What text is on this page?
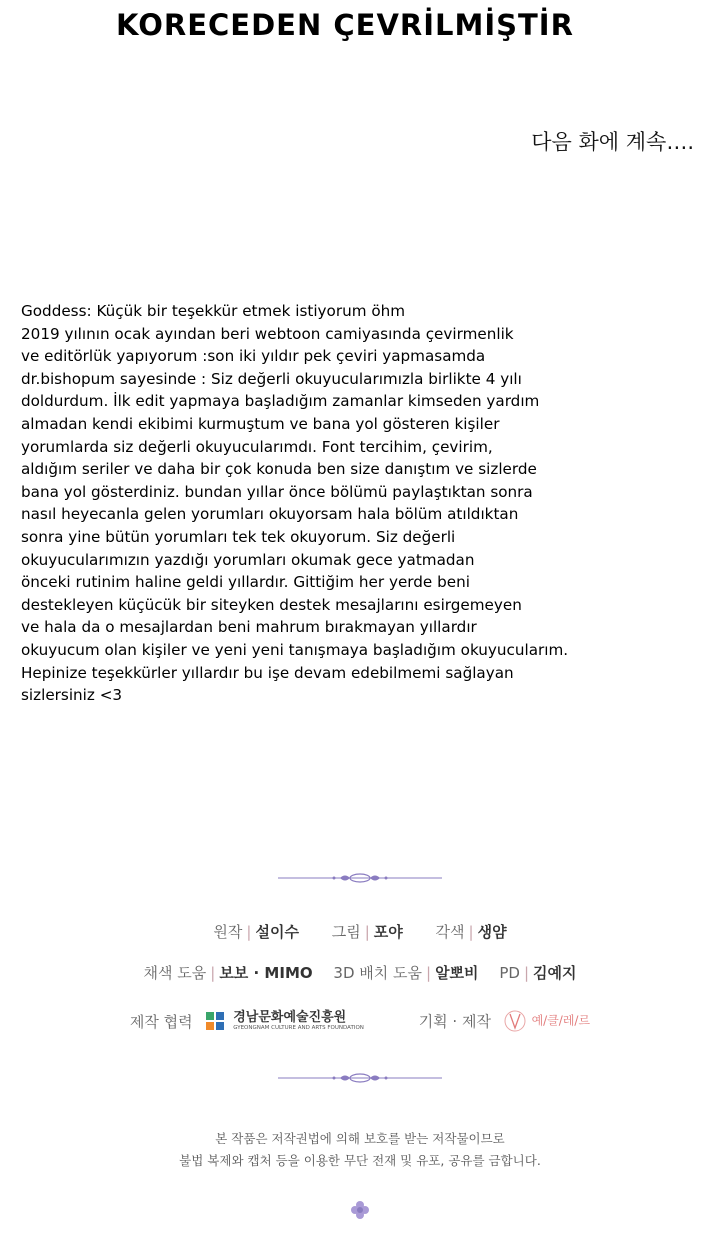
KORECEDEN ÇEVRİLMİŞTİR
다음 화에 계속….
Goddess: Küçük bir teşekkür etmek istiyorum öhm
2019 yılının ocak ayından beri webtoon camiyasında çevirmenlik
ve editörlük yapıyorum :son iki yıldır pek çeviri yapmasamda
dr.bishopum sayesinde : Siz değerli okuyucularımızla birlikte 4 yılı
doldurdum. İlk edit yapmaya başladığım zamanlar kimseden yardım
almadan kendi ekibimi kurmuştum ve bana yol gösteren kişiler
yorumlarda siz değerli okuyucularımdı. Font tercihim, çevirim,
aldığım seriler ve daha bir çok konuda ben size danıştım ve sizlerde
bana yol gösterdiniz. bundan yıllar önce bölümü paylaştıktan sonra
nasıl heyecanla gelen yorumları okuyorsam hala bölüm atıldıktan
sonra yine bütün yorumları tek tek okuyorum. Siz değerli
okuyucularımızın yazdığı yorumları okumak gece yatmadan
önceki rutinim haline geldi yıllardır. Gittiğim her yerde beni
destekleyen küçücük bir siteyken destek mesajlarını esirgemeyen
ve hala da o mesajlardan beni mahrum bırakmayan yıllardır
okuyucum olan kişiler ve yeni yeni tanışmaya başladığım okuyucularım.
Hepinize teşekkürler yıllardır bu işe devam edebilmemi sağlayan
sizlersiniz <3
원작 | 설이수 그림 | 포야 각색 | 생얌
채색 도움 | 보보 · MIMO 3D 배치 도움 | 알뽀비 PD | 김예지
제작 협력	경남문화예술진흥원
GYEONGNAM CULTURE AND ARTS FOUNDATION	기획 · 제작	예/클/레/르
본 작품은 저작권법에 의해 보호를 받는 저작물이므로
불법 복제와 캡처 등을 이용한 무단 전재 및 유포, 공유를 금합니다.
